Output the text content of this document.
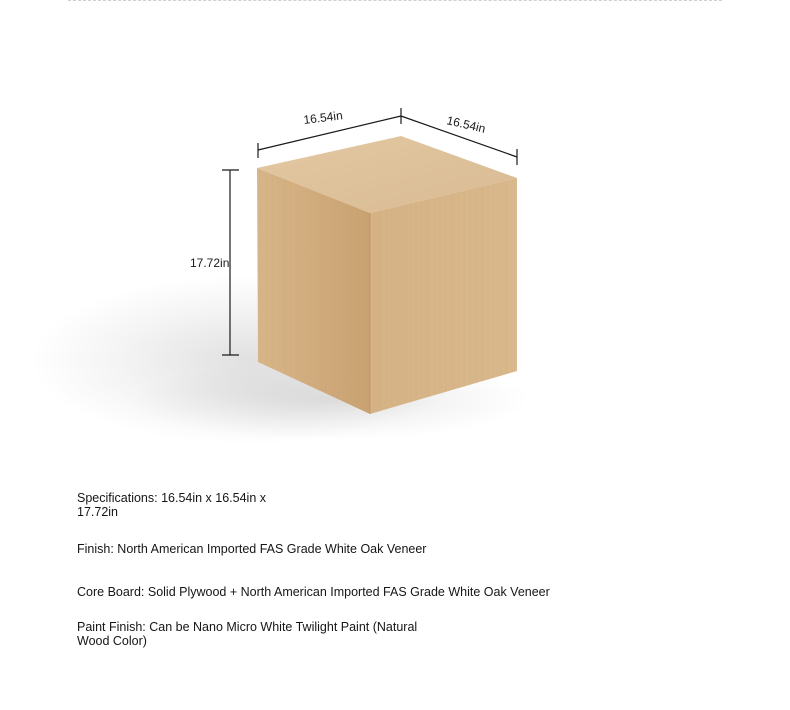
17.72in
16.54in	16.54in
Specifications: 16.54in x 16.54in x 17.72in
Finish: North American Imported FAS Grade White Oak Veneer
Core Board: Solid Plywood + North American Imported FAS Grade White Oak Veneer
Paint Finish: Can be Nano Micro White Twilight Paint (Natural Wood Color)
